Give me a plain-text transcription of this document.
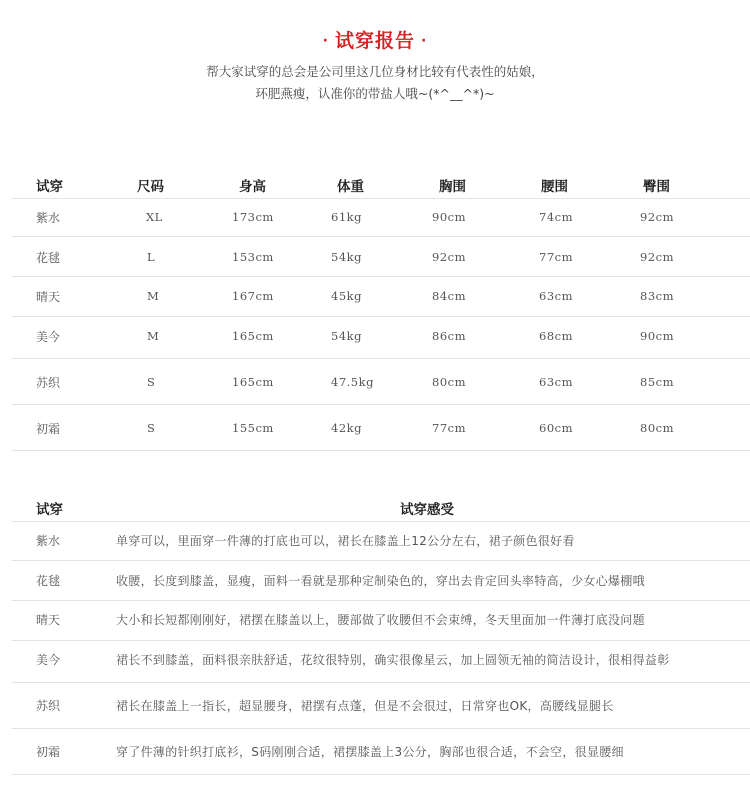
· 试穿报告 ·
帮大家试穿的总会是公司里这几位身材比较有代表性的姑娘，
环肥燕瘦，认准你的带盐人哦~(*^__^*)~
试穿	尺码	身高	体重	胸围	腰围	臀围
紫水	XL	173cm	61kg	90cm	74cm	92cm
花毬	L	153cm	54kg	92cm	77cm	92cm
晴天	M	167cm	45kg	84cm	63cm	83cm
美今	M	165cm	54kg	86cm	68cm	90cm
苏织	S	165cm	47.5kg	80cm	63cm	85cm
初霜	S	155cm	42kg	77cm	60cm	80cm
试穿	试穿感受
紫水	单穿可以，里面穿一件薄的打底也可以，裙长在膝盖上12公分左右，裙子颜色很好看
花毬	收腰，长度到膝盖，显瘦，面料一看就是那种定制染色的，穿出去肯定回头率特高，少女心爆棚哦
晴天	大小和长短都刚刚好，裙摆在膝盖以上，腰部做了收腰但不会束缚，冬天里面加一件薄打底没问题
美今	裙长不到膝盖，面料很亲肤舒适，花纹很特别，确实很像星云，加上圆领无袖的简洁设计，很相得益彰
苏织	裙长在膝盖上一指长，超显腰身，裙摆有点蓬，但是不会很过，日常穿也OK，高腰线显腿长
初霜	穿了件薄的针织打底衫，S码刚刚合适，裙摆膝盖上3公分，胸部也很合适，不会空，很显腰细
